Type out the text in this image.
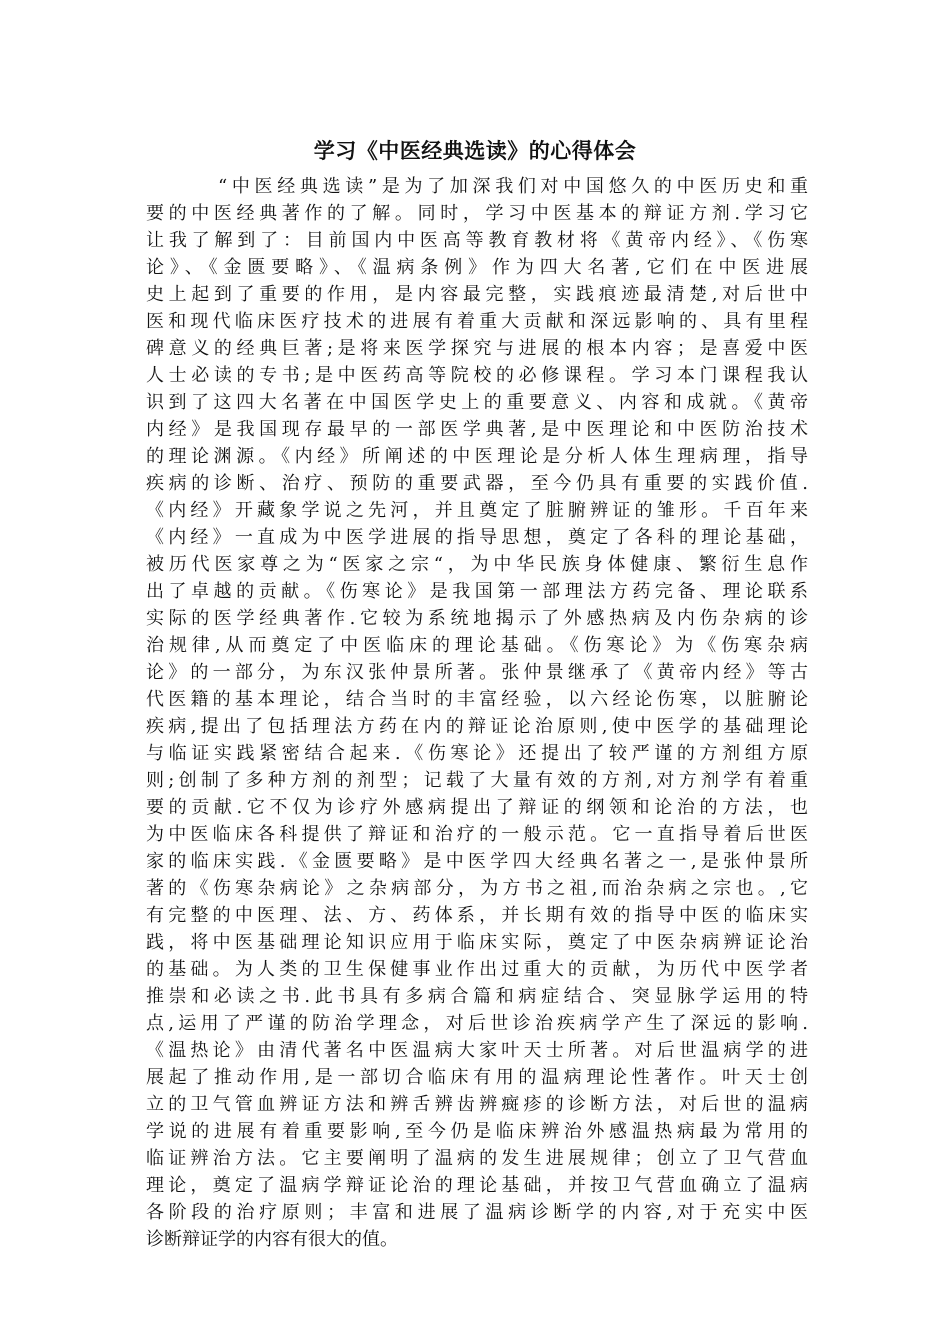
学习《中医经典选读》的心得体会
“中医经典选读”是为了加深我们对中国悠久的中医历史和重
要的中医经典著作的了解。同时，学习中医基本的辩证方剂.学习它
让我了解到了：目前国内中医高等教育教材将《黄帝内经》、《伤寒
论》、《金匮要略》、《温病条例》作为四大名著,它们在中医进展
史上起到了重要的作用，是内容最完整，实践痕迹最清楚,对后世中
医和现代临床医疗技术的进展有着重大贡献和深远影响的、具有里程
碑意义的经典巨著;是将来医学探究与进展的根本内容；是喜爱中医
人士必读的专书;是中医药高等院校的必修课程。学习本门课程我认
识到了这四大名著在中国医学史上的重要意义、内容和成就。《黄帝
内经》是我国现存最早的一部医学典著,是中医理论和中医防治技术
的理论渊源。《内经》所阐述的中医理论是分析人体生理病理，指导
疾病的诊断、治疗、预防的重要武器，至今仍具有重要的实践价值.
《内经》开藏象学说之先河，并且奠定了脏腑辨证的雏形。千百年来
《内经》一直成为中医学进展的指导思想，奠定了各科的理论基础，
被历代医家尊之为“医家之宗“，为中华民族身体健康、繁衍生息作
出了卓越的贡献。《伤寒论》是我国第一部理法方药完备、理论联系
实际的医学经典著作.它较为系统地揭示了外感热病及内伤杂病的诊
治规律,从而奠定了中医临床的理论基础。《伤寒论》为《伤寒杂病
论》的一部分，为东汉张仲景所著。张仲景继承了《黄帝内经》等古
代医籍的基本理论，结合当时的丰富经验，以六经论伤寒，以脏腑论
疾病,提出了包括理法方药在内的辩证论治原则,使中医学的基础理论
与临证实践紧密结合起来.《伤寒论》还提出了较严谨的方剂组方原
则;创制了多种方剂的剂型；记载了大量有效的方剂,对方剂学有着重
要的贡献.它不仅为诊疗外感病提出了辩证的纲领和论治的方法，也
为中医临床各科提供了辩证和治疗的一般示范。它一直指导着后世医
家的临床实践.《金匮要略》是中医学四大经典名著之一,是张仲景所
著的《伤寒杂病论》之杂病部分，为方书之祖,而治杂病之宗也。,它
有完整的中医理、法、方、药体系，并长期有效的指导中医的临床实
践，将中医基础理论知识应用于临床实际，奠定了中医杂病辨证论治
的基础。为人类的卫生保健事业作出过重大的贡献，为历代中医学者
推崇和必读之书.此书具有多病合篇和病症结合、突显脉学运用的特
点,运用了严谨的防治学理念，对后世诊治疾病学产生了深远的影响.
《温热论》由清代著名中医温病大家叶天士所著。对后世温病学的进
展起了推动作用,是一部切合临床有用的温病理论性著作。叶天士创
立的卫气管血辨证方法和辨舌辨齿辨癍疹的诊断方法，对后世的温病
学说的进展有着重要影响,至今仍是临床辨治外感温热病最为常用的
临证辨治方法。它主要阐明了温病的发生进展规律；创立了卫气营血
理论，奠定了温病学辩证论治的理论基础，并按卫气营血确立了温病
各阶段的治疗原则；丰富和进展了温病诊断学的内容,对于充实中医
诊断辩证学的内容有很大的值。
